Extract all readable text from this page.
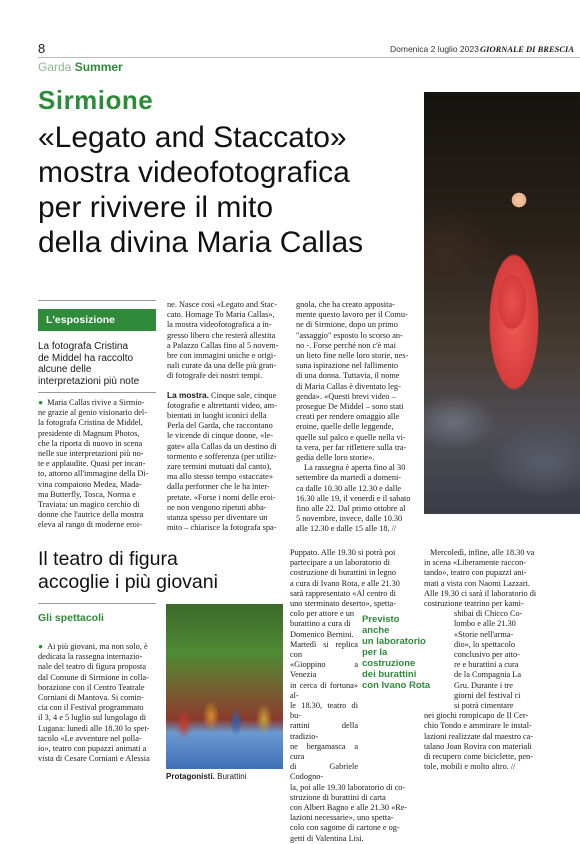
8	Domenica 2 luglio 2023 GIORNALE DI BRESCIA
Garda Summer
Sirmione
«Legato and Staccato»
mostra videofotografica
per rivivere il mito
della divina Maria Callas
L'esposizione
La fotografa Cristina
de Middel ha raccolto
alcune delle
interpretazioni più note

●  Maria Callas rivive a Sirmio-

ne grazie al genio visionario del-

la fotografa Cristina de Middel,

presidente di Magnum Photos,

che la riporta di nuovo in scena

nelle sue interpretazioni più no-

te e applaudite. Quasi per incan-

to, attorno all'immagine della Di-

vina compaiono Medea, Mada-

ma Butterfly, Tosca, Norma e

Traviata: un magico cerchio di

donne che l'autrice della mostra

eleva al rango di moderne eroi-

ne. Nasce così «Legato and Stac-

cato. Homage To Maria Callas»,

la mostra videofotografica a in-

gresso libero che resterà allestita

a Palazzo Callas fino al 5 novem-

bre con immagini uniche e origi-

nali curate da una delle più gran-

di fotografe dei nostri tempi.

La mostra. Cinque sale, cinque

fotografie e altrettanti video, am-

bientati in luoghi iconici della

Perla del Garda, che raccontano

le vicende di cinque donne, «le-

gate» alla Callas da un destino di

tormento e sofferenza (per utiliz-

zare termini mutuati dal canto),

ma allo stesso tempo «staccate»

dalla performer che le ha inter-

pretate. «Forse i nomi delle eroi-

ne non vengono ripetuti abba-

stanza spesso per diventare un

mito – chiarisce la fotografa spa-

gnola, che ha creato appositа-

mente questo lavoro per il Comu-

ne di Sirmione, dopo un primo

"assaggio" esposto lo scorso an-

no -. Forse perché non c'è mai

un lieto fine nelle loro storie, nes-

suna ispirazione nel fallimento

di una donna. Tuttavia, il nome

di Maria Callas è diventato leg-

genda». «Questi brevi video –

prosegue De Middel – sono stati

creati per rendere omaggio alle

eroine, quelle delle leggende,

quelle sul palco e quelle nella vi-

ta vera, per far riflettere sulla tra-

gedia delle loro storie».

La rassegna è aperta fino al 30

settembre da martedì a domeni-

ca dalle 10.30 alle 12.30 e dalle

16.30 alle 19, il venerdì e il sabato

fino alle 22. Dal primo ottobre al

5 novembre, invece, dalle 10.30

alle 12.30 e dalle 15 alle 18. //

Il teatro di figura
accoglie i più giovani
Gli spettacoli

●  Ai più giovani, ma non solo, è

dedicata la rassegna internazio-

nale del teatro di figura proposta

dal Comune di Sirmione in colla-

borazione con il Centro Teatrale

Corniani di Mantova. Si comin-

cia con il Festival programmato

il 3, 4 e 5 luglio sul lungolago di

Lugana: lunedì alle 18.30 lo spet-

tacolo «Le avventure nel polla-

io», teatro con pupazzi animati a

vista di Cesare Corniani e Alessia

Protagonisti. Burattini

Puppato. Alle 19.30 si potrà poi

partecipare a un laboratorio di

costruzione di burattini in legno

a cura di Ivano Rota, e alle 21.30

sarà rappresentato «Al centro di

uno sterminato deserto», spetta-

colo per attore e un

burattino a cura di

Domenico Bernini.

Martedì si replica con

«Gioppino a Venezia

in cerca di fortuna» al-

le 18.30, teatro di bu-

rattini della tradizio-

ne bergamasca a cura

di Gabriele Codogno-

la, poi alle 19.30 laboratorio di co-

struzione di burattini di carta

con Albert Bagno e alle 21.30 «Re-

lazioni necessarie», uno spetta-

colo con sagome di cartone e og-

getti di Valentina Lisi.

Previsto
anche
un laboratorio
per la
costruzione
dei burattini
con Ivano Rota

Mercoledì, infine, alle 18.30 va

in scena «Liberamente raccon-

tando», teatro con pupazzi ani-

mati a vista con Naomi Lazzari.

Alle 19.30 ci sarà il laboratorio di

costruzione teatrino per kami-

shibai di Chicco Co-

lombo e alle 21.30

«Storie nell'arma-

dio», lo spettacolo

conclusivo per atto-

re e burattini a cura

de la Compagnia La

Gru. Durante i tre

giorni del festival ci

si potrà cimentare

nei giochi rompicapo de Il Cer-

chio Tondo e ammirare le instal-

lazioni realizzate dal maestro ca-

talano Joan Rovira con materiali

di recupero come biciclette, pen-

tole, mobili e molto altro. //
